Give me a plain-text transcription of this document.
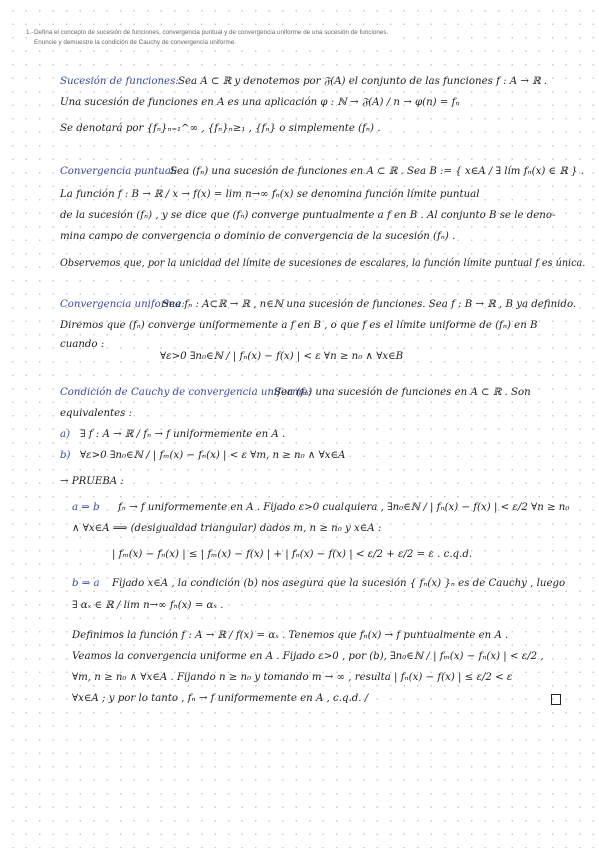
1.- Defina el concepto de sucesión de funciones, convergencia puntual y de convergencia uniforme de una sucesión de funciones. Enuncie y demuestre la condición de Cauchy de convergencia uniforme.
Sucesión de funciones: Sea A ⊂ ℝ y denotemos por 𝔉(A) el conjunto de las funciones f : A → ℝ .
Una sucesión de funciones en A es una aplicación φ : ℕ → 𝔉(A) / n → φ(n) = fₙ
Se denotará por {fₙ}ₙ₌₁^∞ , {fₙ}ₙ≥₁ , {fₙ} o simplemente (fₙ) .
Convergencia puntual:
Sea (fₙ) una sucesión de funciones en A ⊂ ℝ . Sea B := { x∈A / ∃ lím fₙ(x) ∈ ℝ } .
La función f : B → ℝ / x → f(x) = lim n→∞ fₙ(x) se denomina función límite puntual
de la sucesión (fₙ) , y se dice que (fₙ) converge puntualmente a f en B . Al conjunto B se le deno-
mina campo de convergencia o dominio de convergencia de la sucesión (fₙ) .
Observemos que, por la unicidad del límite de sucesiones de escalares, la función límite puntual f es única.
Convergencia uniforme:
Sea fₙ : A⊂ℝ → ℝ , n∈ℕ una sucesión de funciones. Sea f : B → ℝ , B ya definido.
Diremos que (fₙ) converge uniformemente a f en B , o que f es el límite uniforme de (fₙ) en B
cuando :
∀ε>0 ∃n₀∈ℕ / | fₙ(x) − f(x) | < ε ∀n ≥ n₀ ∧ ∀x∈B
Condición de Cauchy de convergencia uniforme:
Sea (fₙ) una sucesión de funciones en A ⊂ ℝ . Son
equivalentes :
a) ∃ f : A → ℝ / fₙ → f uniformemente en A .
b) ∀ε>0 ∃n₀∈ℕ / | fₘ(x) − fₙ(x) | < ε ∀m, n ≥ n₀ ∧ ∀x∈A
→ PRUEBA :
a ⇒ b fₙ → f uniformemente en A . Fijado ε>0 cualquiera , ∃n₀∈ℕ / | fₙ(x) − f(x) | < ε/2 ∀n ≥ n₀
∧ ∀x∈A ⟹ (desigualdad triangular) dados m, n ≥ n₀ y x∈A :
| fₘ(x) − fₙ(x) | ≤ | fₘ(x) − f(x) | + | fₙ(x) − f(x) | < ε/2 + ε/2 = ε . c.q.d.
b ⇒ a Fijado x∈A , la condición (b) nos asegura que la sucesión { fₙ(x) }ₙ es de Cauchy , luego
∃ αₓ ∈ ℝ / lim n→∞ fₙ(x) = αₓ .
Definimos la función f : A → ℝ / f(x) = αₓ . Tenemos que fₙ(x) → f puntualmente en A .
Veamos la convergencia uniforme en A . Fijado ε>0 , por (b), ∃n₀∈ℕ / | fₘ(x) − fₙ(x) | < ε/2 ,
∀m, n ≥ n₀ ∧ ∀x∈A . Fijando n ≥ n₀ y tomando m → ∞ , resulta | fₙ(x) − f(x) | ≤ ε/2 < ε
∀x∈A ; y por lo tanto , fₙ → f uniformemente en A , c.q.d. /
